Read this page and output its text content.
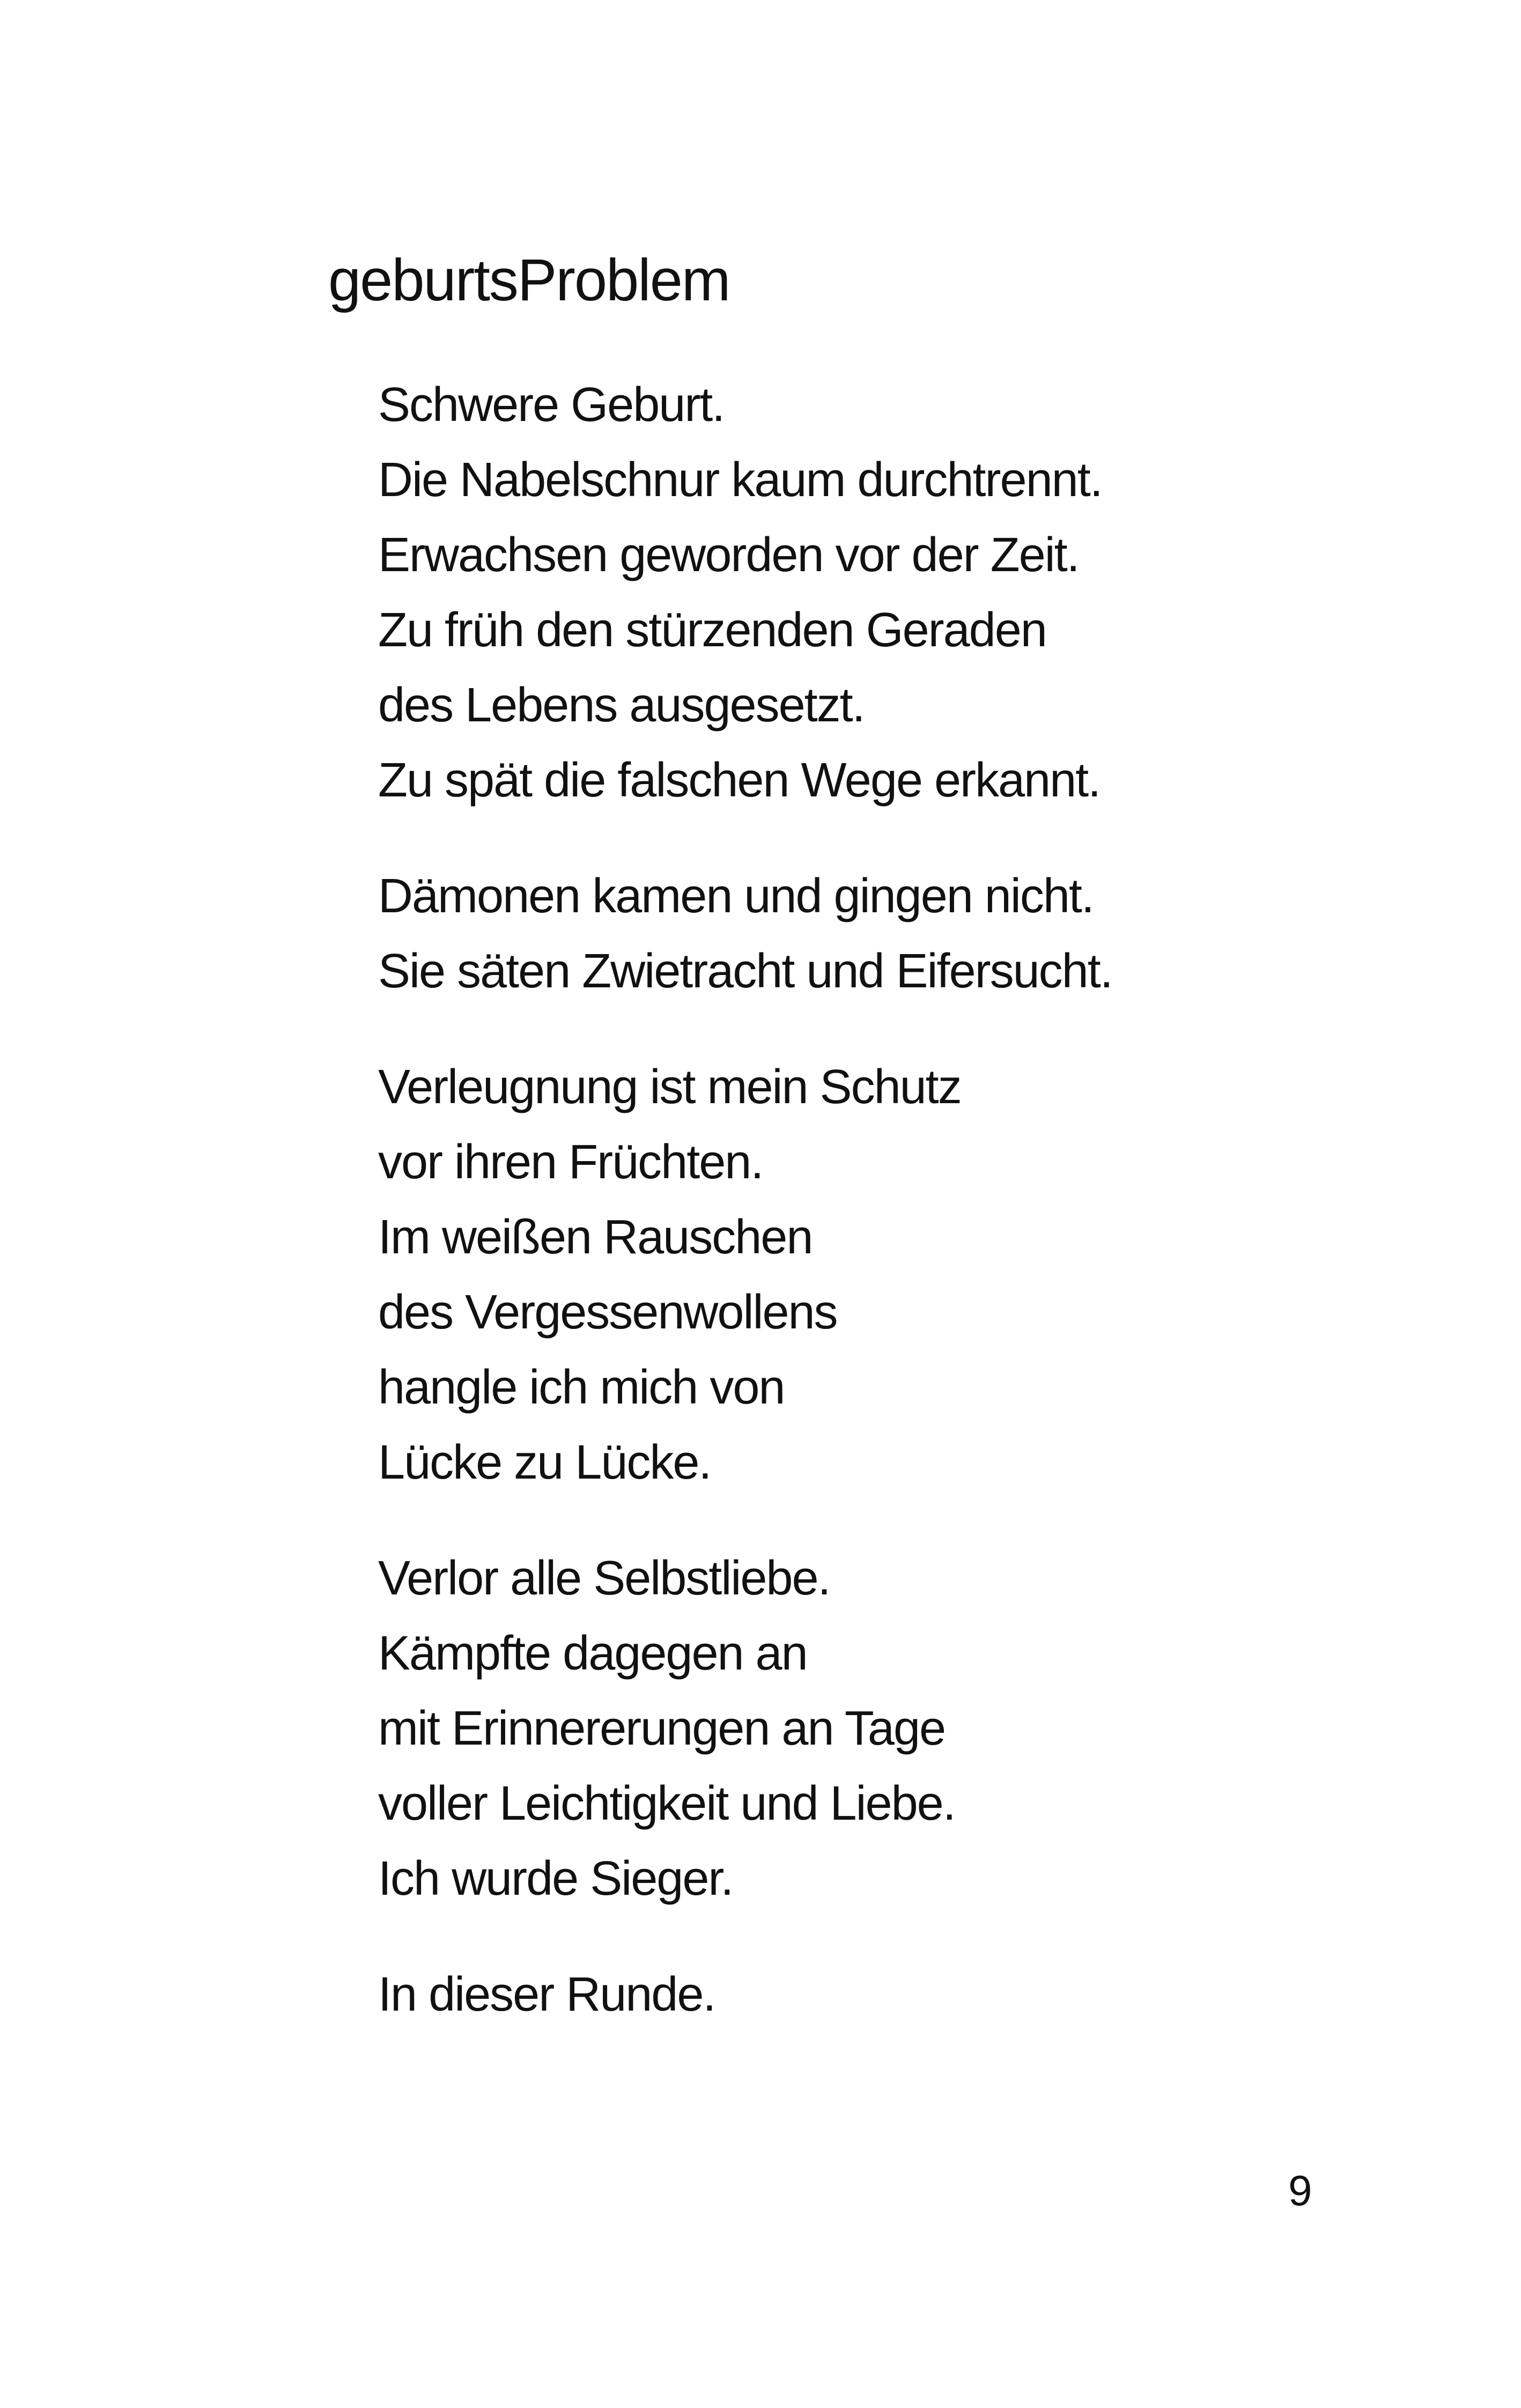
geburtsProblem
Schwere Geburt.
Die Nabelschnur kaum durchtrennt.
Erwachsen geworden vor der Zeit.
Zu früh den stürzenden Geraden
des Lebens ausgesetzt.
Zu spät die falschen Wege erkannt.
Dämonen kamen und gingen nicht.
Sie säten Zwietracht und Eifersucht.
Verleugnung ist mein Schutz
vor ihren Früchten.
Im weißen Rauschen
des Vergessenwollens
hangle ich mich von
Lücke zu Lücke.
Verlor alle Selbstliebe.
Kämpfte dagegen an
mit Erinnererungen an Tage
voller Leichtigkeit und Liebe.
Ich wurde Sieger.
In dieser Runde.
9
